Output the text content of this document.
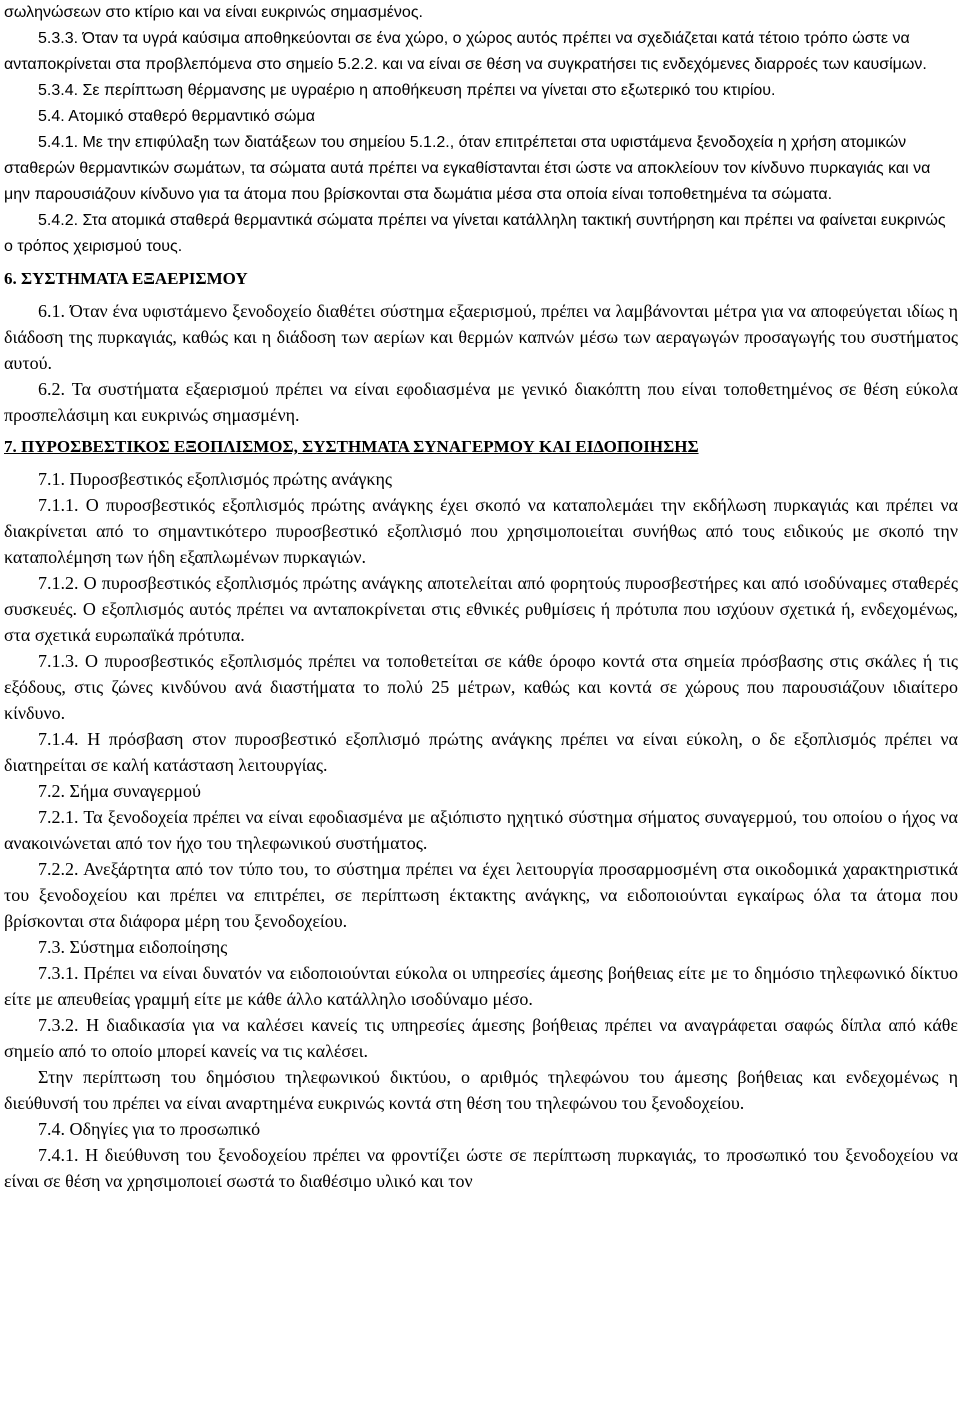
σωληνώσεων στο κτίριο και να είναι ευκρινώς σημασμένος.

5.3.3. Όταν τα υγρά καύσιμα αποθηκεύονται σε ένα χώρο, ο χώρος αυτός πρέπει να σχεδιάζεται κατά τέτοιο τρόπο ώστε να ανταποκρίνεται στα προβλεπόμενα στο σημείο 5.2.2. και να είναι σε θέση να συγκρατήσει τις ενδεχόμενες διαρροές των καυσίμων.

5.3.4. Σε περίπτωση θέρμανσης με υγραέριο η αποθήκευση πρέπει να γίνεται στο εξωτερικό του κτιρίου.

5.4. Ατομικό σταθερό θερμαντικό σώμα

5.4.1. Με την επιφύλαξη των διατάξεων του σημείου 5.1.2., όταν επιτρέπεται στα υφιστάμενα ξενοδοχεία η χρήση ατομικών σταθερών θερμαντικών σωμάτων, τα σώματα αυτά πρέπει να εγκαθίστανται έτσι ώστε να αποκλείουν τον κίνδυνο πυρκαγιάς και να μην παρουσιάζουν κίνδυνο για τα άτομα που βρίσκονται στα δωμάτια μέσα στα οποία είναι τοποθετημένα τα σώματα.

5.4.2. Στα ατομικά σταθερά θερμαντικά σώματα πρέπει να γίνεται κατάλληλη τακτική συντήρηση και πρέπει να φαίνεται ευκρινώς ο τρόπος χειρισμού τους.

6. ΣΥΣΤΗΜΑΤΑ ΕΞΑΕΡΙΣΜΟΥ

6.1. Όταν ένα υφιστάμενο ξενοδοχείο διαθέτει σύστημα εξαερισμού, πρέπει να λαμβάνονται μέτρα για να αποφεύγεται ιδίως η διάδοση της πυρκαγιάς, καθώς και η διάδοση των αερίων και θερμών καπνών μέσω των αεραγωγών προσαγωγής του συστήματος αυτού.

6.2. Τα συστήματα εξαερισμού πρέπει να είναι εφοδιασμένα με γενικό διακόπτη που είναι τοποθετημένος σε θέση εύκολα προσπελάσιμη και ευκρινώς σημασμένη.

7. ΠΥΡΟΣΒΕΣΤΙΚΟΣ ΕΞΟΠΛΙΣΜΟΣ, ΣΥΣΤΗΜΑΤΑ ΣΥΝΑΓΕΡΜΟΥ ΚΑΙ ΕΙΔΟΠΟΙΗΣΗΣ

7.1. Πυροσβεστικός εξοπλισμός πρώτης ανάγκης

7.1.1. Ο πυροσβεστικός εξοπλισμός πρώτης ανάγκης έχει σκοπό να καταπολεμάει την εκδήλωση πυρκαγιάς και πρέπει να διακρίνεται από το σημαντικότερο πυροσβεστικό εξοπλισμό που χρησιμοποιείται συνήθως από τους ειδικούς με σκοπό την καταπολέμηση των ήδη εξαπλωμένων πυρκαγιών.

7.1.2. Ο πυροσβεστικός εξοπλισμός πρώτης ανάγκης αποτελείται από φορητούς πυροσβεστήρες και από ισοδύναμες σταθερές συσκευές. Ο εξοπλισμός αυτός πρέπει να ανταποκρίνεται στις εθνικές ρυθμίσεις ή πρότυπα που ισχύουν σχετικά ή, ενδεχομένως, στα σχετικά ευρωπαϊκά πρότυπα.

7.1.3. Ο πυροσβεστικός εξοπλισμός πρέπει να τοποθετείται σε κάθε όροφο κοντά στα σημεία πρόσβασης στις σκάλες ή τις εξόδους, στις ζώνες κινδύνου ανά διαστήματα το πολύ 25 μέτρων, καθώς και κοντά σε χώρους που παρουσιάζουν ιδιαίτερο κίνδυνο.

7.1.4. Η πρόσβαση στον πυροσβεστικό εξοπλισμό πρώτης ανάγκης πρέπει να είναι εύκολη, ο δε εξοπλισμός πρέπει να διατηρείται σε καλή κατάσταση λειτουργίας.

7.2. Σήμα συναγερμού

7.2.1. Τα ξενοδοχεία πρέπει να είναι εφοδιασμένα με αξιόπιστο ηχητικό σύστημα σήματος συναγερμού, του οποίου ο ήχος να ανακοινώνεται από τον ήχο του τηλεφωνικού συστήματος.

7.2.2. Ανεξάρτητα από τον τύπο του, το σύστημα πρέπει να έχει λειτουργία προσαρμοσμένη στα οικοδομικά χαρακτηριστικά του ξενοδοχείου και πρέπει να επιτρέπει, σε περίπτωση έκτακτης ανάγκης, να ειδοποιούνται εγκαίρως όλα τα άτομα που βρίσκονται στα διάφορα μέρη του ξενοδοχείου.

7.3. Σύστημα ειδοποίησης

7.3.1. Πρέπει να είναι δυνατόν να ειδοποιούνται εύκολα οι υπηρεσίες άμεσης βοήθειας είτε με το δημόσιο τηλεφωνικό δίκτυο είτε με απευθείας γραμμή είτε με κάθε άλλο κατάλληλο ισοδύναμο μέσο.

7.3.2. Η διαδικασία για να καλέσει κανείς τις υπηρεσίες άμεσης βοήθειας πρέπει να αναγράφεται σαφώς δίπλα από κάθε σημείο από το οποίο μπορεί κανείς να τις καλέσει.

Στην περίπτωση του δημόσιου τηλεφωνικού δικτύου, ο αριθμός τηλεφώνου του άμεσης βοήθειας και ενδεχομένως η διεύθυνσή του πρέπει να είναι αναρτημένα ευκρινώς κοντά στη θέση του τηλεφώνου του ξενοδοχείου.

7.4. Οδηγίες για το προσωπικό

7.4.1. Η διεύθυνση του ξενοδοχείου πρέπει να φροντίζει ώστε σε περίπτωση πυρκαγιάς, το προσωπικό του ξενοδοχείου να είναι σε θέση να χρησιμοποιεί σωστά το διαθέσιμο υλικό και τον
